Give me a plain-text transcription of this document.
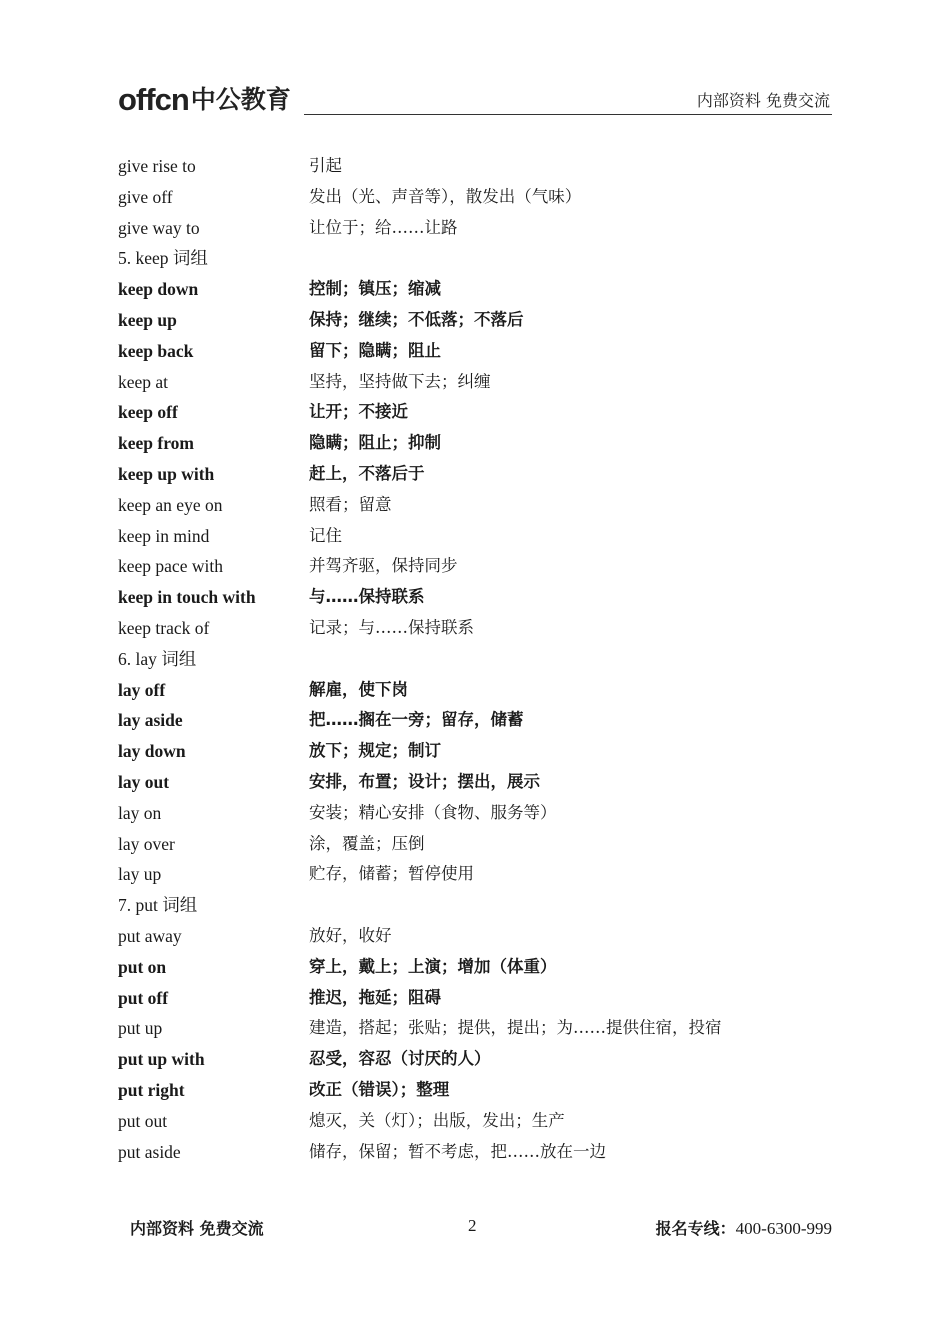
offcn 中公教育	内部资料 免费交流
give rise to	引起
give off	发出（光、声音等），散发出（气味）
give way to	让位于；给……让路
5. keep 词组
keep down	控制；镇压；缩减
keep up	保持；继续；不低落；不落后
keep back	留下；隐瞒；阻止
keep at	坚持，坚持做下去；纠缠
keep off	让开；不接近
keep from	隐瞒；阻止；抑制
keep up with	赶上，不落后于
keep an eye on	照看；留意
keep in mind	记住
keep pace with	并驾齐驱，保持同步
keep in touch with	与……保持联系
keep track of	记录；与……保持联系
6. lay 词组
lay off	解雇，使下岗
lay aside	把……搁在一旁；留存，储蓄
lay down	放下；规定；制订
lay out	安排，布置；设计；摆出，展示
lay on	安装；精心安排（食物、服务等）
lay over	涂，覆盖；压倒
lay up	贮存，储蓄；暂停使用
7. put 词组
put away	放好，收好
put on	穿上，戴上；上演；增加（体重）
put off	推迟，拖延；阻碍
put up	建造，搭起；张贴；提供，提出；为……提供住宿，投宿
put up with	忍受，容忍（讨厌的人）
put right	改正（错误）；整理
put out	熄灭，关（灯）；出版，发出；生产
put aside	储存，保留；暂不考虑，把……放在一边
内部资料 免费交流	2	报名专线：400-6300-999
